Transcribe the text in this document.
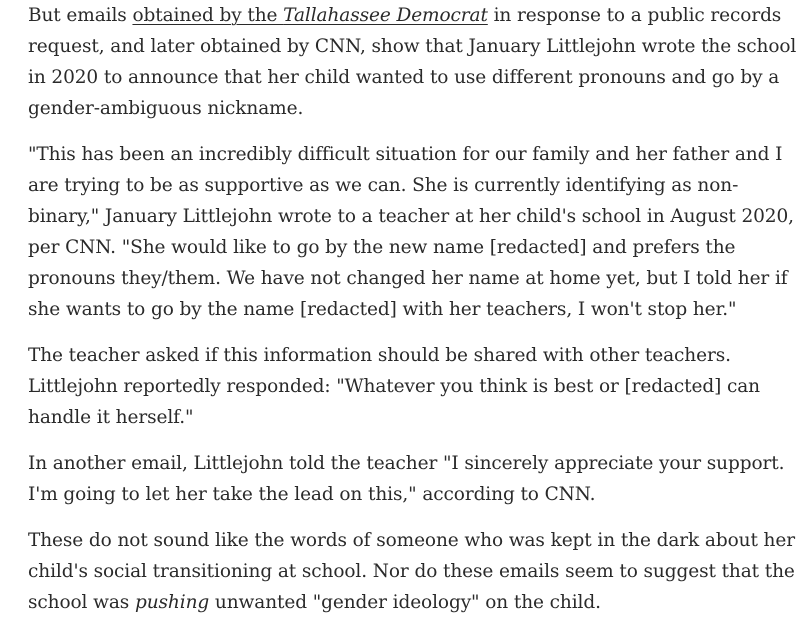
But emails obtained by the Tallahassee Democrat in response to a public records request, and later obtained by CNN, show that January Littlejohn wrote the school in 2020 to announce that her child wanted to use different pronouns and go by a gender-ambiguous nickname.

"This has been an incredibly difficult situation for our family and her father and I are trying to be as supportive as we can. She is currently identifying as non-binary," January Littlejohn wrote to a teacher at her child's school in August 2020, per CNN. "She would like to go by the new name [redacted] and prefers the pronouns they/them. We have not changed her name at home yet, but I told her if she wants to go by the name [redacted] with her teachers, I won't stop her."

The teacher asked if this information should be shared with other teachers. Littlejohn reportedly responded: "Whatever you think is best or [redacted] can handle it herself."

In another email, Littlejohn told the teacher "I sincerely appreciate your support. I'm going to let her take the lead on this," according to CNN.

These do not sound like the words of someone who was kept in the dark about her child's social transitioning at school. Nor do these emails seem to suggest that the school was pushing unwanted "gender ideology" on the child.
